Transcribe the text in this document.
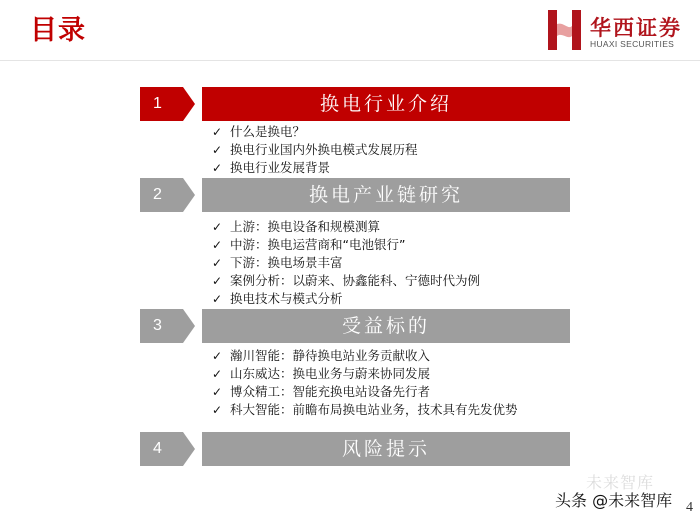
目录	华西证券
HUAXI SECURITIES
1	换电行业介绍
✓ 什么是换电？
✓ 换电行业国内外换电模式发展历程
✓ 换电行业发展背景
2	换电产业链研究
✓ 上游：换电设备和规模测算
✓ 中游：换电运营商和“电池银行”
✓ 下游：换电场景丰富
✓ 案例分析：以蔚来、协鑫能科、宁德时代为例
✓ 换电技术与模式分析
3	受益标的
✓ 瀚川智能：静待换电站业务贡献收入
✓ 山东威达：换电业务与蔚来协同发展
✓ 博众精工：智能充换电站设备先行者
✓ 科大智能：前瞻布局换电站业务，技术具有先发优势
4	风险提示
未来智库
头条 @未来智库 4
